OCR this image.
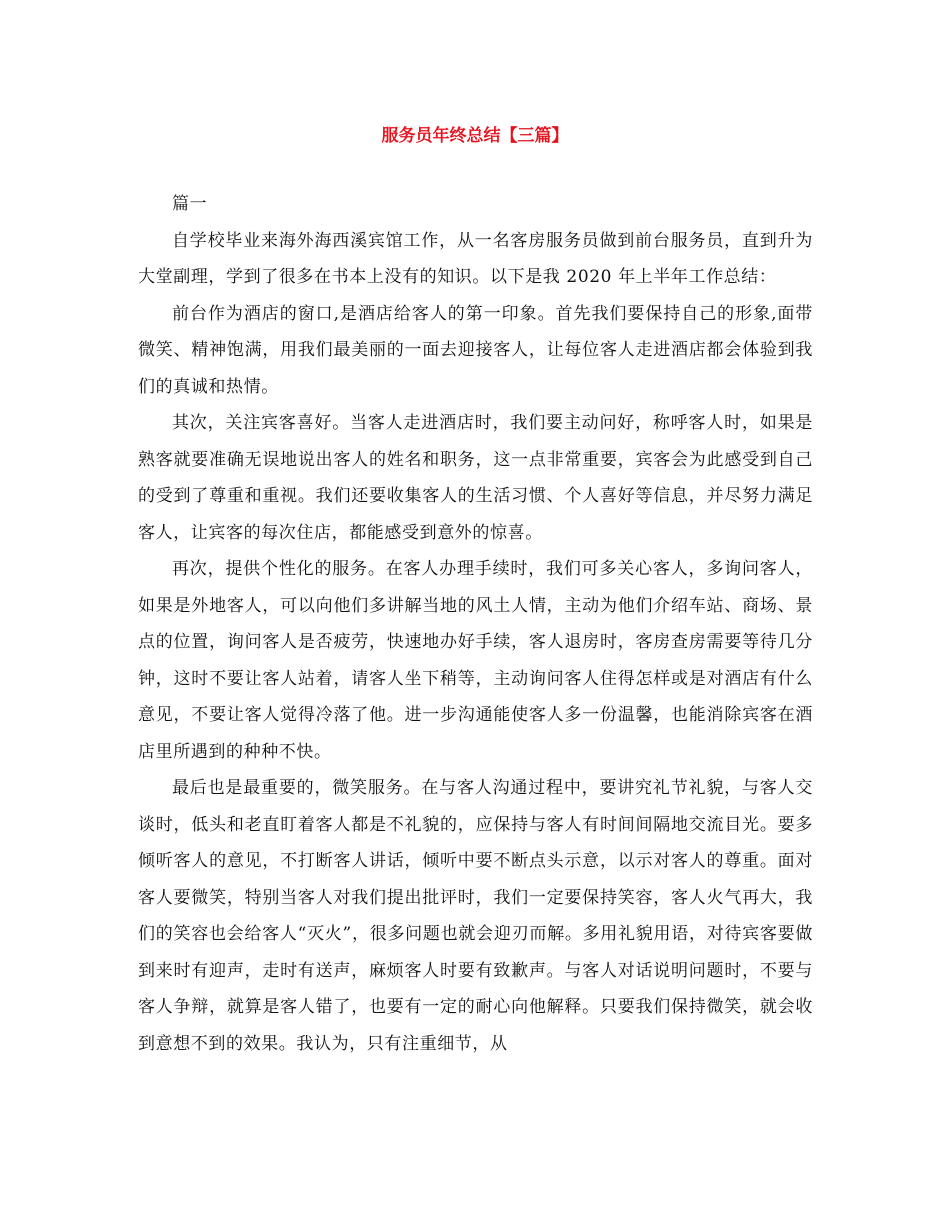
服务员年终总结【三篇】

篇一

自学校毕业来海外海西溪宾馆工作，从一名客房服务员做到前台服务员，直到升为大堂副理，学到了很多在书本上没有的知识。以下是我 2020 年上半年工作总结：

前台作为酒店的窗口,是酒店给客人的第一印象。首先我们要保持自己的形象,面带微笑、精神饱满，用我们最美丽的一面去迎接客人，让每位客人走进酒店都会体验到我们的真诚和热情。

其次，关注宾客喜好。当客人走进酒店时，我们要主动问好，称呼客人时，如果是熟客就要准确无误地说出客人的姓名和职务，这一点非常重要，宾客会为此感受到自己的受到了尊重和重视。我们还要收集客人的生活习惯、个人喜好等信息，并尽努力满足客人，让宾客的每次住店，都能感受到意外的惊喜。

再次，提供个性化的服务。在客人办理手续时，我们可多关心客人，多询问客人，如果是外地客人，可以向他们多讲解当地的风土人情，主动为他们介绍车站、商场、景点的位置，询问客人是否疲劳，快速地办好手续，客人退房时，客房查房需要等待几分钟，这时不要让客人站着，请客人坐下稍等，主动询问客人住得怎样或是对酒店有什么意见，不要让客人觉得冷落了他。进一步沟通能使客人多一份温馨，也能消除宾客在酒店里所遇到的种种不快。

最后也是最重要的，微笑服务。在与客人沟通过程中，要讲究礼节礼貌，与客人交谈时，低头和老直盯着客人都是不礼貌的，应保持与客人有时间间隔地交流目光。要多倾听客人的意见，不打断客人讲话，倾听中要不断点头示意，以示对客人的尊重。面对客人要微笑，特别当客人对我们提出批评时，我们一定要保持笑容，客人火气再大，我们的笑容也会给客人“灭火”，很多问题也就会迎刃而解。多用礼貌用语，对待宾客要做到来时有迎声，走时有送声，麻烦客人时要有致歉声。与客人对话说明问题时，不要与客人争辩，就算是客人错了，也要有一定的耐心向他解释。只要我们保持微笑，就会收到意想不到的效果。我认为，只有注重细节，从
